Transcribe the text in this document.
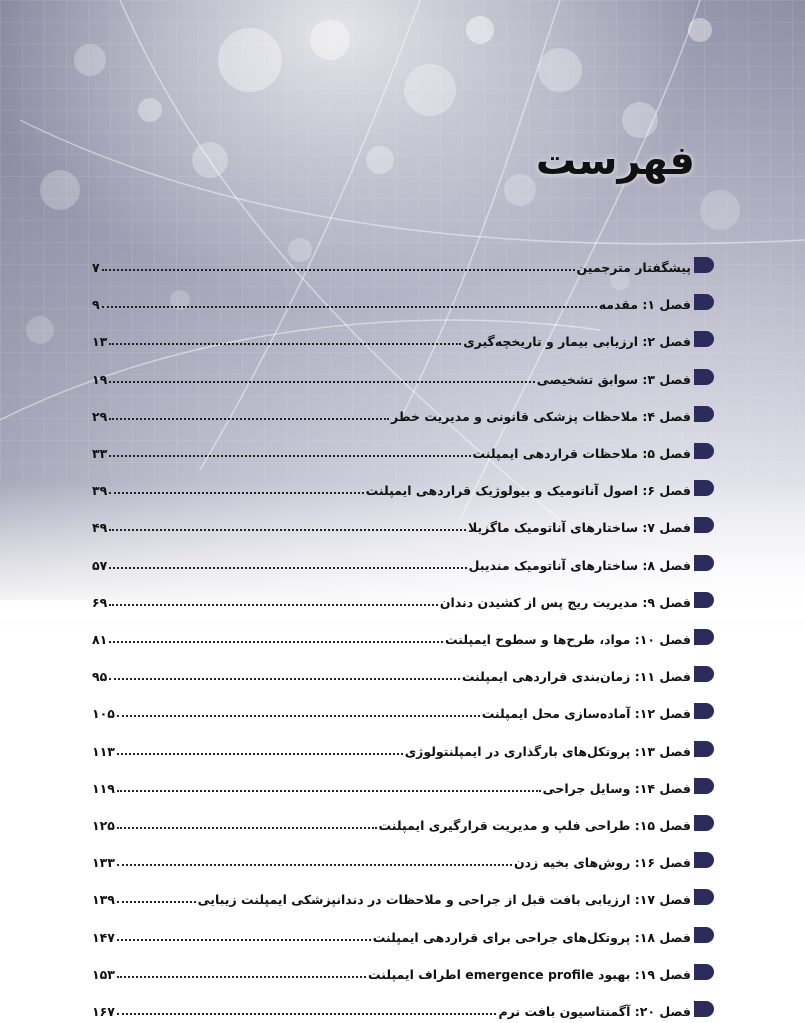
فهرست
پیشگفتار مترجمین
۷
فصل ۱: مقدمه
۹
فصل ۲: ارزیابی بیمار و تاریخچه‌گیری
۱۳
فصل ۳: سوابق تشخیصی
۱۹
فصل ۴: ملاحظات پزشکی قانونی و مدیریت خطر
۲۹
فصل ۵: ملاحظات قراردهی ایمپلنت
۳۳
فصل ۶: اصول آناتومیک و بیولوژیک قراردهی ایمپلنت
۳۹
فصل ۷: ساختارهای آناتومیک ماگزیلا
۴۹
فصل ۸: ساختارهای آناتومیک مندیبل
۵۷
فصل ۹: مدیریت ریج پس از کشیدن دندان
۶۹
فصل ۱۰: مواد، طرح‌ها و سطوح ایمپلنت
۸۱
فصل ۱۱: زمان‌بندی قراردهی ایمپلنت
۹۵
فصل ۱۲: آماده‌سازی محل ایمپلنت
۱۰۵
فصل ۱۳: پروتکل‌های بارگذاری در ایمپلنتولوژی
۱۱۳
فصل ۱۴: وسایل جراحی
۱۱۹
فصل ۱۵: طراحی فلپ و مدیریت قرارگیری ایمپلنت
۱۲۵
فصل ۱۶: روش‌های بخیه زدن
۱۳۳
فصل ۱۷: ارزیابی بافت قبل از جراحی و ملاحظات در دندانپزشکی ایمپلنت زیبایی
۱۳۹
فصل ۱۸: پروتکل‌های جراحی برای قراردهی ایمپلنت
۱۴۷
فصل ۱۹: بهبود emergence profile اطراف ایمپلنت
۱۵۳
فصل ۲۰: آگمنتاسیون بافت نرم
۱۶۷
